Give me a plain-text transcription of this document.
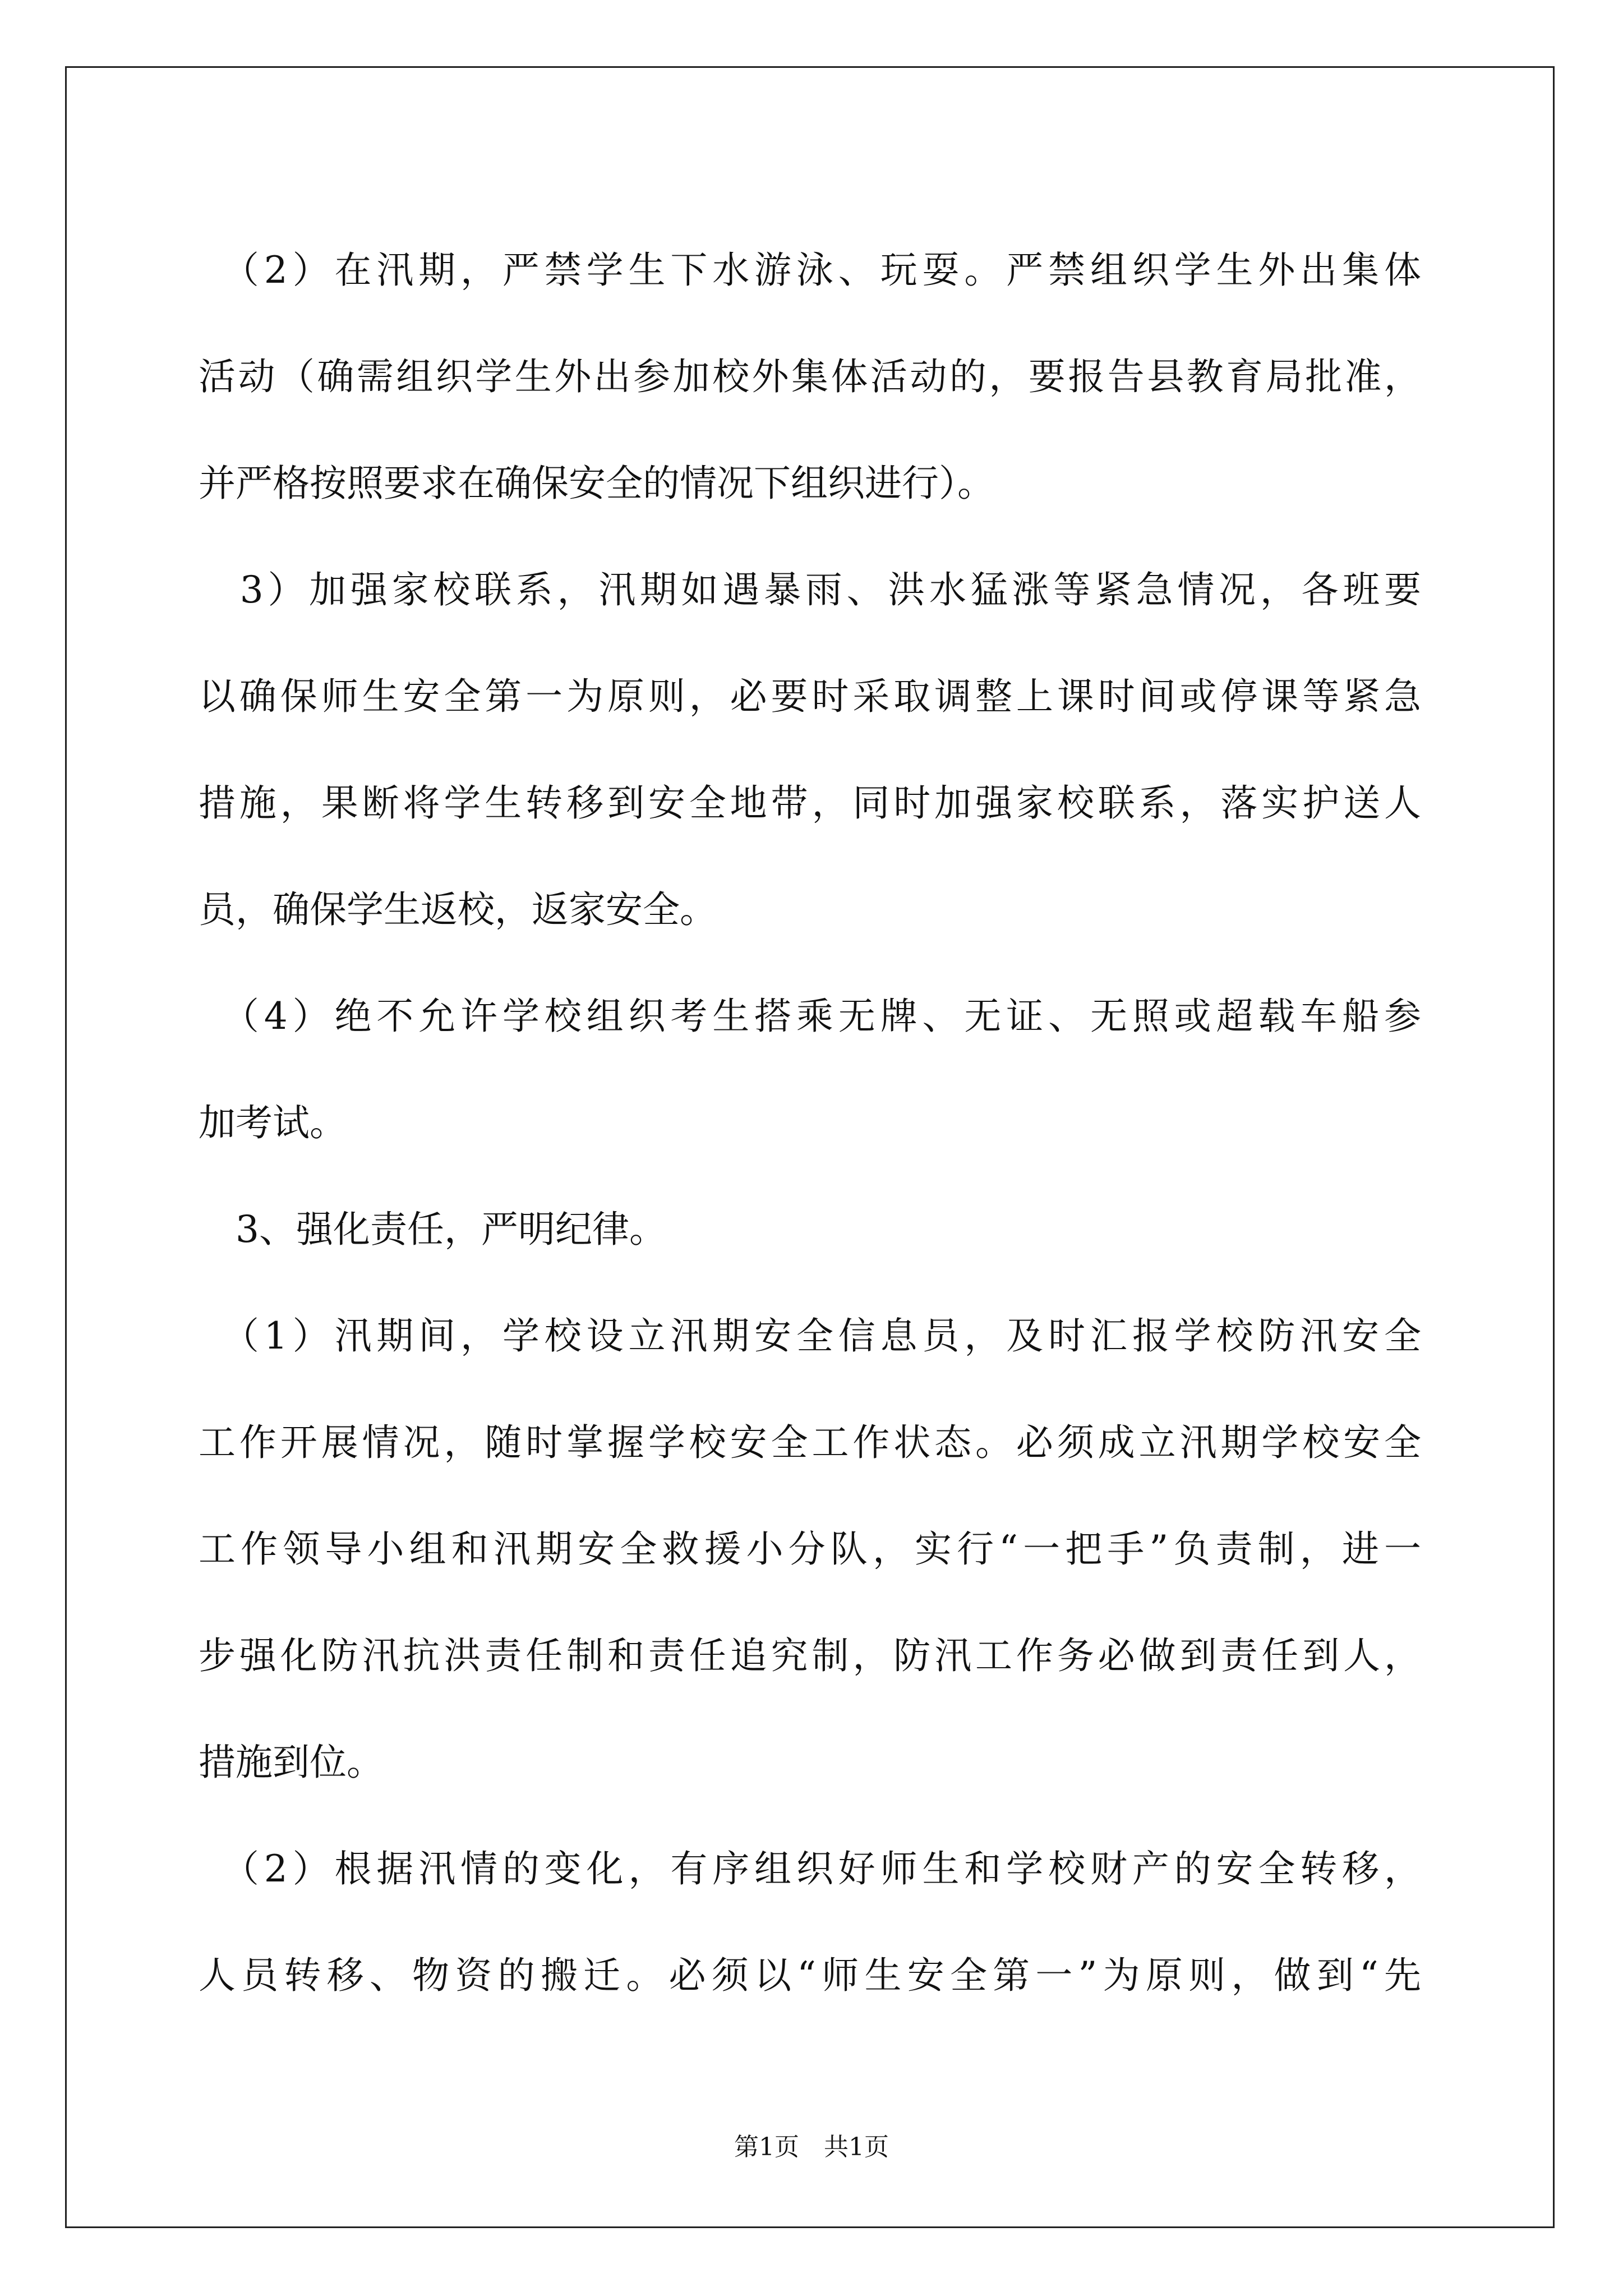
　（2）在汛期，严禁学生下水游泳、玩耍。严禁组织学生外出集体
活动（确需组织学生外出参加校外集体活动的，要报告县教育局批准，
并严格按照要求在确保安全的情况下组织进行）。
　3）加强家校联系，汛期如遇暴雨、洪水猛涨等紧急情况，各班要
以确保师生安全第一为原则，必要时采取调整上课时间或停课等紧急
措施，果断将学生转移到安全地带，同时加强家校联系，落实护送人
员，确保学生返校，返家安全。
　（4）绝不允许学校组织考生搭乘无牌、无证、无照或超载车船参
加考试。
　3、强化责任，严明纪律。
　（1）汛期间，学校设立汛期安全信息员，及时汇报学校防汛安全
工作开展情况，随时掌握学校安全工作状态。必须成立汛期学校安全
工作领导小组和汛期安全救援小分队，实行“一把手”负责制，进一
步强化防汛抗洪责任制和责任追究制，防汛工作务必做到责任到人，
措施到位。
　（2）根据汛情的变化，有序组织好师生和学校财产的安全转移，
人员转移、物资的搬迁。必须以“师生安全第一”为原则，做到“先
第1页　共1页
